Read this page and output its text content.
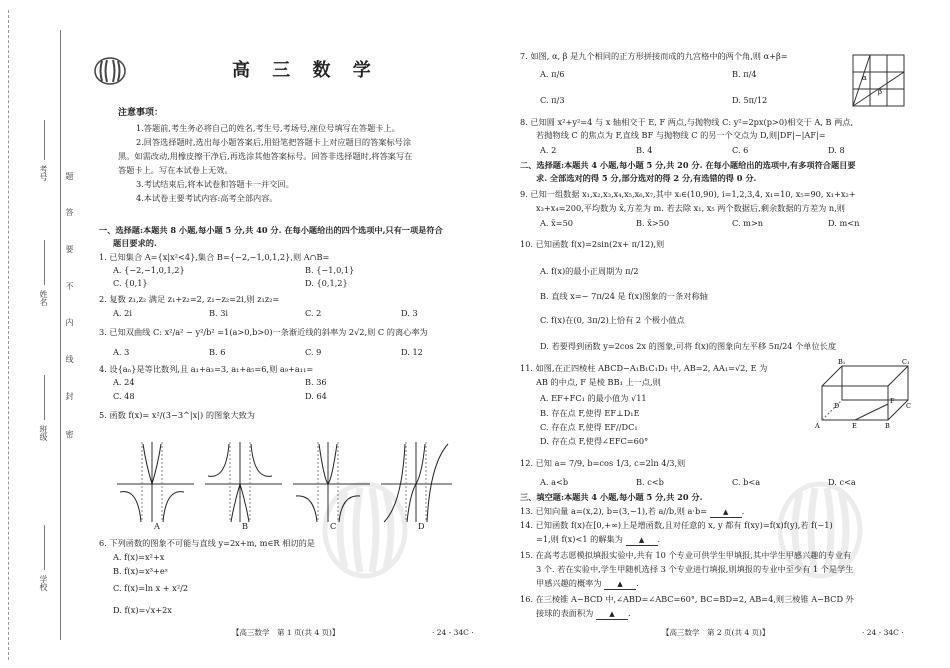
考号
姓名
班级
学校
密
封
线
内
不
要
答
题
高 三 数 学
注意事项：
1.答题前,考生务必将自己的姓名,考生号,考场号,座位号填写在答题卡上。
2.回答选择题时,选出每小题答案后,用铅笔把答题卡上对应题目的答案标号涂
黑。如需改动,用橡皮擦干净后,再选涂其他答案标号。回答非选择题时,将答案写在
答题卡上。写在本试卷上无效。
3.考试结束后,将本试卷和答题卡一并交回。
4.本试卷主要考试内容:高考全部内容。
一、选择题:本题共 8 小题,每小题 5 分,共 40 分. 在每小题给出的四个选项中,只有一项是符合
题目要求的.
1. 已知集合 A={x|x²<4},集合 B={−2,−1,0,1,2},则 A∩B=
A. {−2,−1,0,1,2}	B. {−1,0,1}
C. {0,1}	D. {0,1,2}
2. 复数 z₁,z₂ 满足 z₁+z₂=2, z₁−z₂=2i,则 z₁z₂=
A. 2i	B. 3i	C. 2	D. 3
3. 已知双曲线 C: x²/a² − y²/b² =1(a>0,b>0)一条渐近线的斜率为 2√2,则 C 的离心率为
A. 3	B. 6	C. 9	D. 12
4. 设{aₙ}是等比数列,且 a₁+a₃=3, a₁+a₅=6,则 a₉+a₁₁=
A. 24	B. 36
C. 48	D. 64
5. 函数 f(x)= x²/(3−3^|x|) 的图象大致为
A	B	C	D
6. 下列函数的图象不可能与直线 y=2x+m, m∈R 相切的是
A. f(x)=x²+x
B. f(x)=x³+eˣ
C. f(x)=ln x + x²/2
D. f(x)=√x+2x
【高三数学　第 1 页(共 4 页)】	· 24 - 34C ·
7. 如图, α, β 是九个相同的正方形拼接而成的九宫格中的两个角,则 α+β=
A. π/6	B. π/4
C. π/3	D. 5π/12
α
β
8. 已知圆 x²+y²=4 与 x 轴相交于 E, F 两点,与抛物线 C: y²=2px(p>0)相交于 A, B 两点,
若抛物线 C 的焦点为 F,直线 BF 与抛物线 C 的另一个交点为 D,则|DF|−|AF|=
A. 2	B. 4	C. 6	D. 8
二、选择题:本题共 4 小题,每小题 5 分,共 20 分. 在每小题给出的选项中,有多项符合题目要
求. 全部选对的得 5 分,部分选对的得 2 分,有选错的得 0 分.
9. 已知一组数据 x₁,x₂,x₃,x₄,x₅,x₆,x₇,其中 xᵢ∈(10,90), i=1,2,3,4, x₁=10, x₅=90, x₁+x₂+
x₃+x₄=200,平均数为 x̄,方差为 m. 若去除 x₁, x₅ 两个数据后,剩余数据的方差为 n,则
A. x̄=50	B. x̄>50	C. m>n	D. m<n
10. 已知函数 f(x)=2sin(2x+ π/12),则
A. f(x)的最小正周期为 π/2
B. 直线 x=− 7π/24 是 f(x)图象的一条对称轴
C. f(x)在(0, 3π/2)上恰有 2 个极小值点
D. 若要得到函数 y=2cos 2x 的图象,可将 f(x)的图象向左平移 5π/24 个单位长度
11. 如图,在正四棱柱 ABCD−A₁B₁C₁D₁ 中, AB=2, AA₁=√2, E 为
AB 的中点, F 是棱 BB₁ 上一点,则
A. EF+FC₁ 的最小值为 √11
B. 存在点 F,使得 EF⊥D₁E
C. 存在点 F,使得 EF//DC₁
D. 存在点 F,使得∠EFC=60°
B₁	C₁
F
A	E	B
C
D
12. 已知 a= 7/9, b=cos 1/3, c=2ln 4/3,则
A. a<b	B. c<b	C. b<a	D. c<a
三、填空题:本题共 4 小题,每小题 5 分,共 20 分.
13. 已知向量 a=(x,2), b=(3,−1),若 a//b,则 a·b= ▲ .
14. 已知函数 f(x)在[0,+∞)上是增函数,且对任意的 x, y 都有 f(xy)=f(x)f(y),若 f(−1)
=1,则 f(x)<1 的解集为 ▲ .
15. 在高考志愿模拟填报实验中,共有 10 个专业可供学生甲填报,其中学生甲感兴趣的专业有
3 个. 若在实验中,学生甲随机选择 3 个专业进行填报,则填报的专业中至少有 1 个是学生
甲感兴趣的概率为 ▲ .
16. 在三棱锥 A−BCD 中,∠ABD=∠ABC=60°, BC=BD=2, AB=4,则三棱锥 A−BCD 外
接球的表面积为 ▲ .
【高三数学　第 2 页(共 4 页)】	· 24 - 34C ·
